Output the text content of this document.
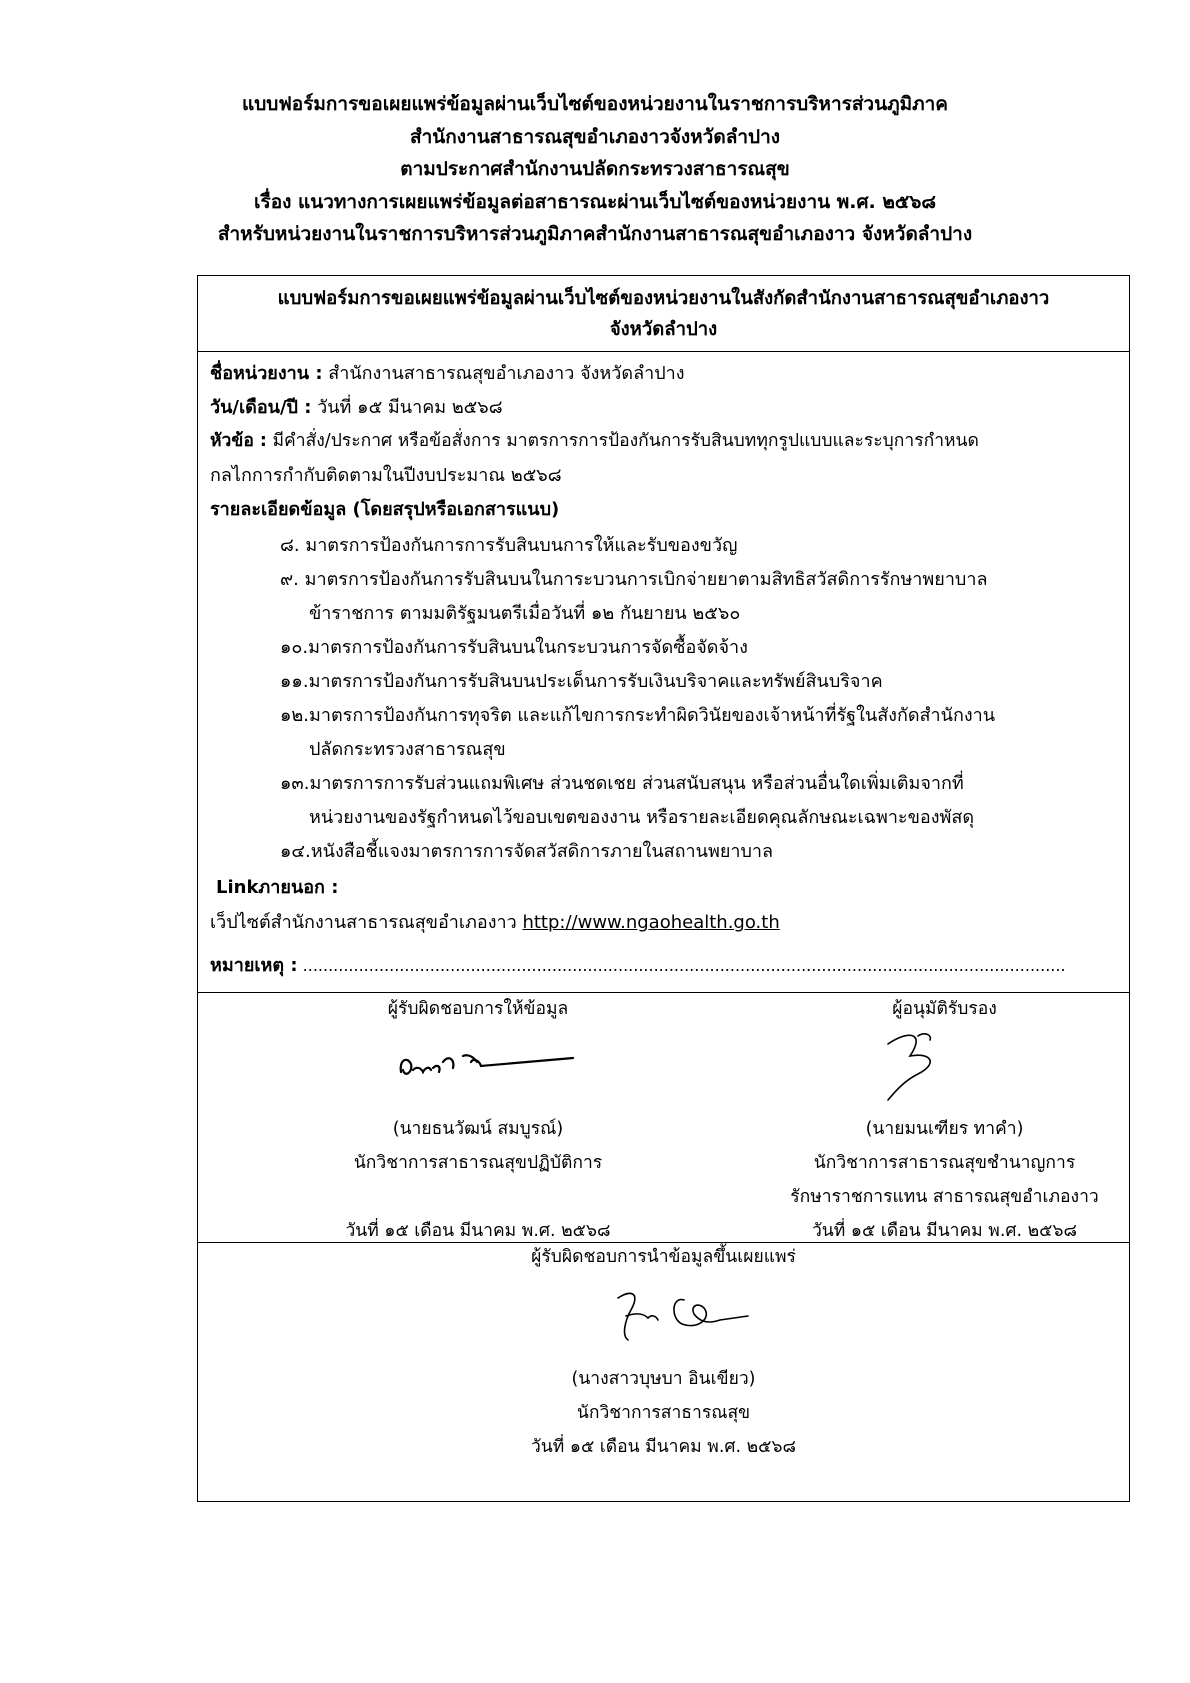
แบบฟอร์มการขอเผยแพร่ข้อมูลผ่านเว็บไซต์ของหน่วยงานในราชการบริหารส่วนภูมิภาค
สำนักงานสาธารณสุขอำเภองาวจังหวัดลำปาง
ตามประกาศสำนักงานปลัดกระทรวงสาธารณสุข
เรื่อง แนวทางการเผยแพร่ข้อมูลต่อสาธารณะผ่านเว็บไซต์ของหน่วยงาน พ.ศ. ๒๕๖๘
สำหรับหน่วยงานในราชการบริหารส่วนภูมิภาคสำนักงานสาธารณสุขอำเภองาว จังหวัดลำปาง
แบบฟอร์มการขอเผยแพร่ข้อมูลผ่านเว็บไซต์ของหน่วยงานในสังกัดสำนักงานสาธารณสุขอำเภองาว
จังหวัดลำปาง
ชื่อหน่วยงาน : สำนักงานสาธารณสุขอำเภองาว จังหวัดลำปาง
วัน/เดือน/ปี : วันที่ ๑๕ มีนาคม ๒๕๖๘
หัวข้อ : มีคำสั่ง/ประกาศ หรือข้อสั่งการ มาตรการการป้องกันการรับสินบททุกรูปแบบและระบุการกำหนด
กลไกการกำกับติดตามในปีงบประมาณ ๒๕๖๘
รายละเอียดข้อมูล (โดยสรุปหรือเอกสารแนบ)
๘. มาตรการป้องกันการการรับสินบนการให้และรับของขวัญ
๙. มาตรการป้องกันการรับสินบนในการะบวนการเบิกจ่ายยาตามสิทธิสวัสดิการรักษาพยาบาล
ข้าราชการ ตามมติรัฐมนตรีเมื่อวันที่ ๑๒ กันยายน ๒๕๖๐
๑๐.มาตรการป้องกันการรับสินบนในกระบวนการจัดซื้อจัดจ้าง
๑๑.มาตรการป้องกันการรับสินบนประเด็นการรับเงินบริจาคและทรัพย์สินบริจาค
๑๒.มาตรการป้องกันการทุจริต และแก้ไขการกระทำผิดวินัยของเจ้าหน้าที่รัฐในสังกัดสำนักงาน
ปลัดกระทรวงสาธารณสุข
๑๓.มาตรการการรับส่วนแถมพิเศษ ส่วนชดเชย ส่วนสนับสนุน หรือส่วนอื่นใดเพิ่มเติมจากที่
หน่วยงานของรัฐกำหนดไว้ขอบเขตของงาน หรือรายละเอียดคุณลักษณะเฉพาะของพัสดุ
๑๔.หนังสือชี้แจงมาตรการการจัดสวัสดิการภายในสถานพยาบาล
Linkภายนอก :
เว็ปไซต์สำนักงานสาธารณสุขอำเภองาว http://www.ngaohealth.go.th
หมายเหตุ : ......................................................................................................................................................
ผู้รับผิดชอบการให้ข้อมูล
(นายธนวัฒน์ สมบูรณ์)
นักวิชาการสาธารณสุขปฏิบัติการ
วันที่ ๑๕ เดือน มีนาคม พ.ศ. ๒๕๖๘
ผู้อนุมัติรับรอง
(นายมนเฑียร ทาคำ)
นักวิชาการสาธารณสุขชำนาญการ
รักษาราชการแทน สาธารณสุขอำเภองาว
วันที่ ๑๕ เดือน มีนาคม พ.ศ. ๒๕๖๘
ผู้รับผิดชอบการนำข้อมูลขึ้นเผยแพร่
(นางสาวบุษบา อินเขียว)
นักวิชาการสาธารณสุข
วันที่ ๑๕ เดือน มีนาคม พ.ศ. ๒๕๖๘
